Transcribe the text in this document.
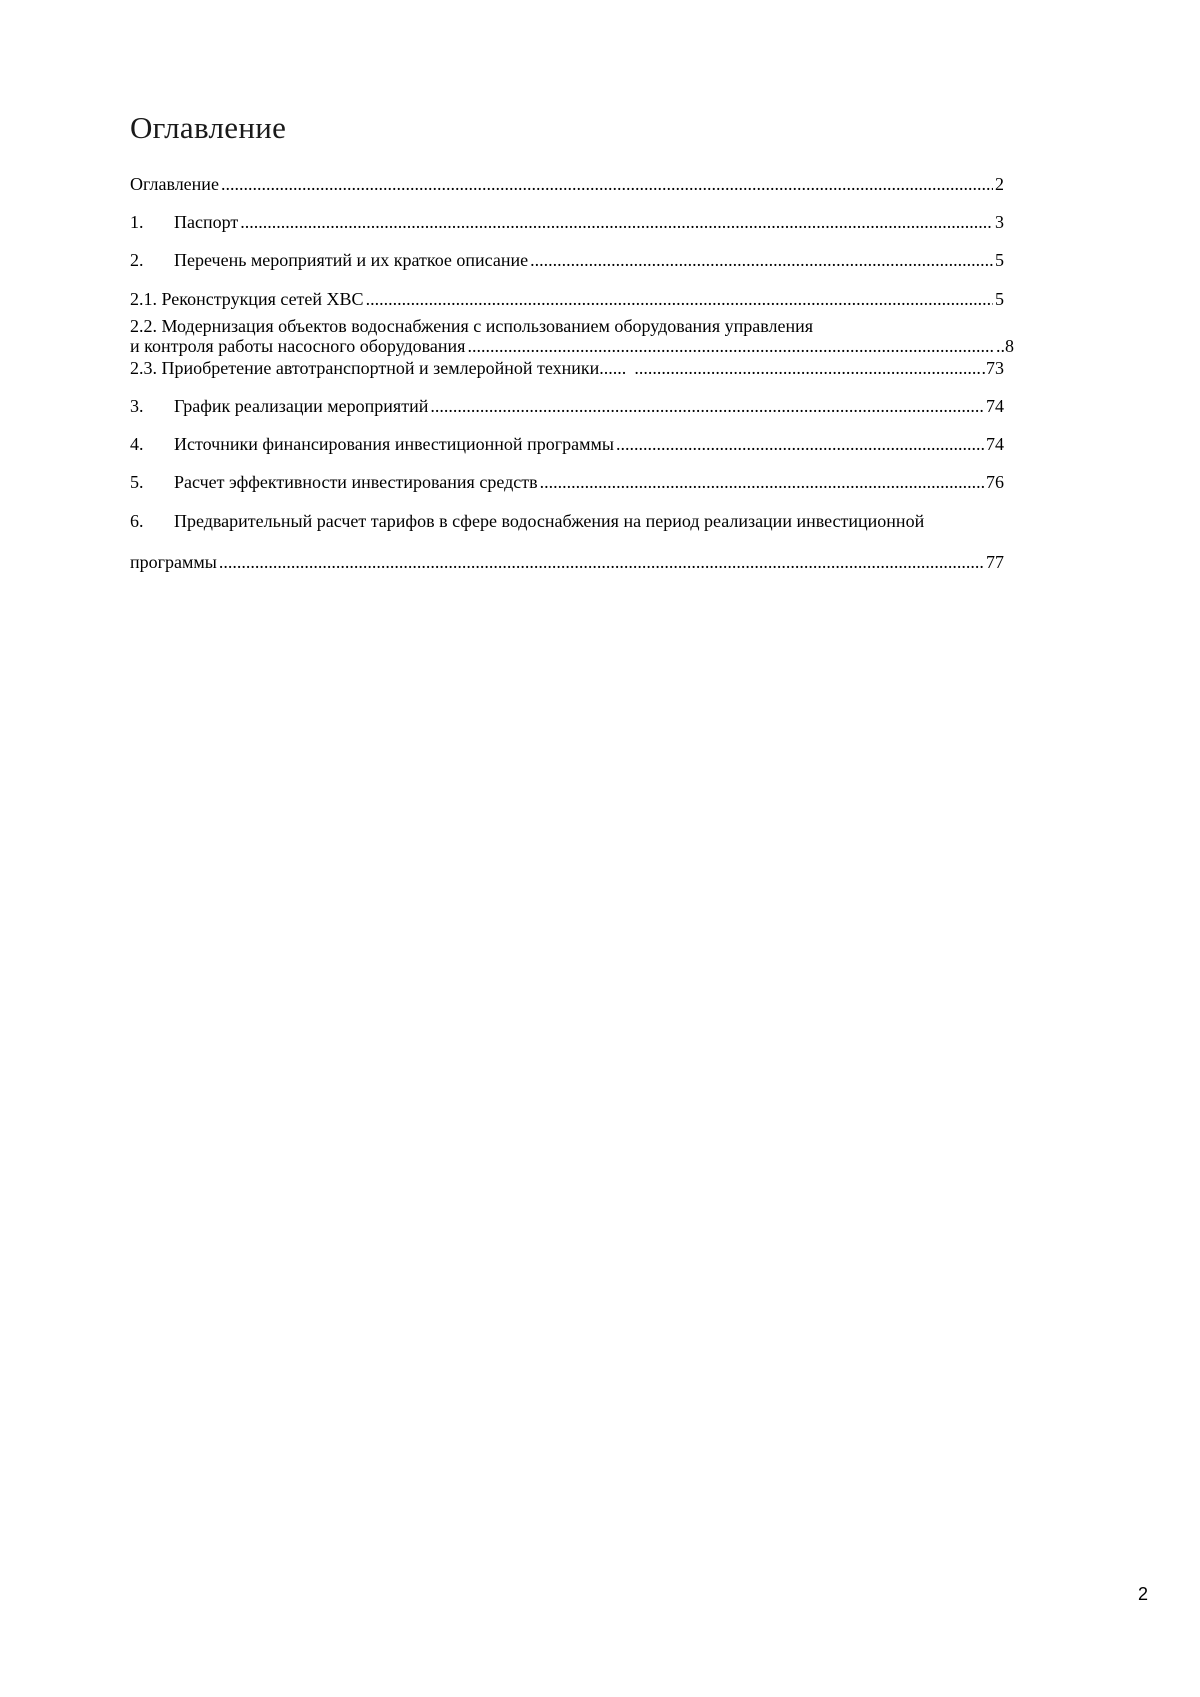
Оглавление
Оглавление .....	2
1.	Паспорт .....	3
2.	Перечень мероприятий и их краткое описание .....	5
2.1. Реконструкция сетей ХВС .....	5
2.2. Модернизация объектов водоснабжения с использованием оборудования управления
и контроля работы насосного оборудования .....	..8
2.3. Приобретение автотранспортной и землеройной техники...... .....	.73
3.	График реализации мероприятий .....	74
4.	Источники финансирования инвестиционной программы .....	74
5.	Расчет эффективности инвестирования средств .....	76
6. Предварительный расчет тарифов в сфере водоснабжения на период реализации инвестиционной
программы .....	77
2
